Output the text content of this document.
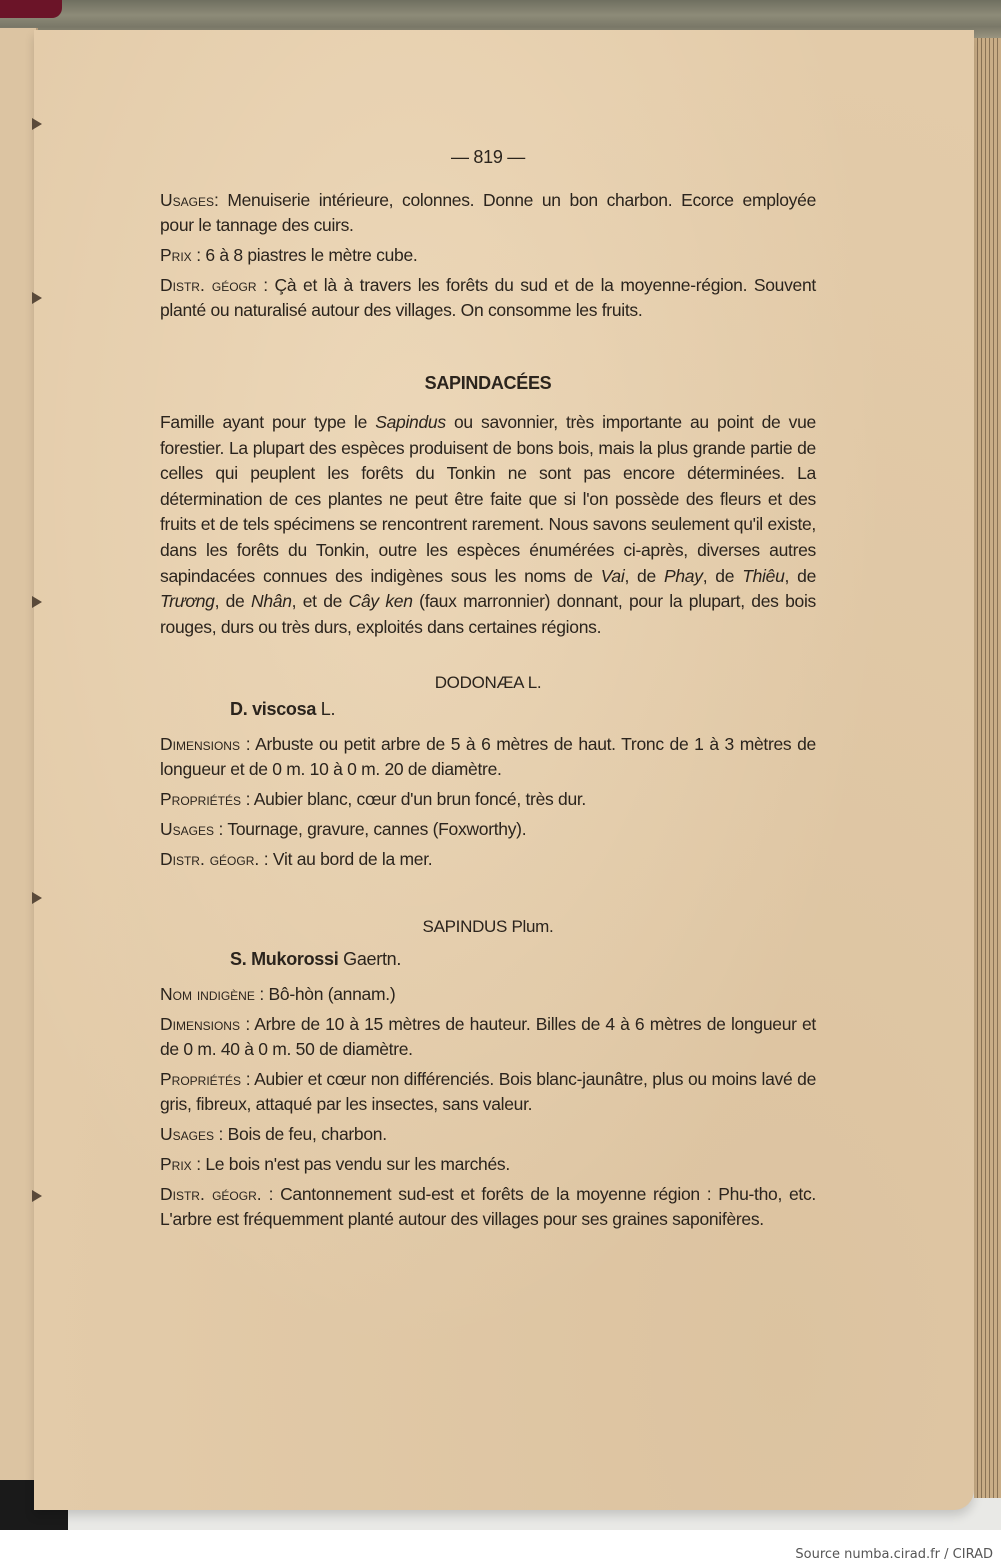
— 819 —

Usages: Menuiserie intérieure, colonnes. Donne un bon charbon. Ecorce employée pour le tannage des cuirs.

Prix : 6 à 8 piastres le mètre cube.

Distr. géogr : Çà et là à travers les forêts du sud et de la moyenne-région. Souvent planté ou naturalisé autour des villages. On consomme les fruits.

SAPINDACÉES

Famille ayant pour type le Sapindus ou savonnier, très importante au point de vue forestier. La plupart des espèces produisent de bons bois, mais la plus grande partie de celles qui peuplent les forêts du Tonkin ne sont pas encore déterminées. La détermination de ces plantes ne peut être faite que si l'on possède des fleurs et des fruits et de tels spécimens se rencontrent rarement. Nous savons seulement qu'il existe, dans les forêts du Tonkin, outre les espèces énumérées ci-après, diverses autres sapindacées connues des indigènes sous les noms de Vai, de Phay, de Thiêu, de Trương, de Nhân, et de Cây ken (faux marronnier) donnant, pour la plupart, des bois rouges, durs ou très durs, exploités dans certaines régions.

DODONÆA L.
D. viscosa L.

Dimensions : Arbuste ou petit arbre de 5 à 6 mètres de haut. Tronc de 1 à 3 mètres de longueur et de 0 m. 10 à 0 m. 20 de diamètre.

Propriétés : Aubier blanc, cœur d'un brun foncé, très dur.

Usages : Tournage, gravure, cannes (Foxworthy).

Distr. géogr. : Vit au bord de la mer.

SAPINDUS Plum.
S. Mukorossi Gaertn.

Nom indigène : Bô-hòn (annam.)

Dimensions : Arbre de 10 à 15 mètres de hauteur. Billes de 4 à 6 mètres de longueur et de 0 m. 40 à 0 m. 50 de diamètre.

Propriétés : Aubier et cœur non différenciés. Bois blanc-jaunâtre, plus ou moins lavé de gris, fibreux, attaqué par les insectes, sans valeur.

Usages : Bois de feu, charbon.

Prix : Le bois n'est pas vendu sur les marchés.

Distr. géogr. : Cantonnement sud-est et forêts de la moyenne région : Phu-tho, etc. L'arbre est fréquemment planté autour des villages pour ses graines saponifères.

Source numba.cirad.fr / CIRAD
